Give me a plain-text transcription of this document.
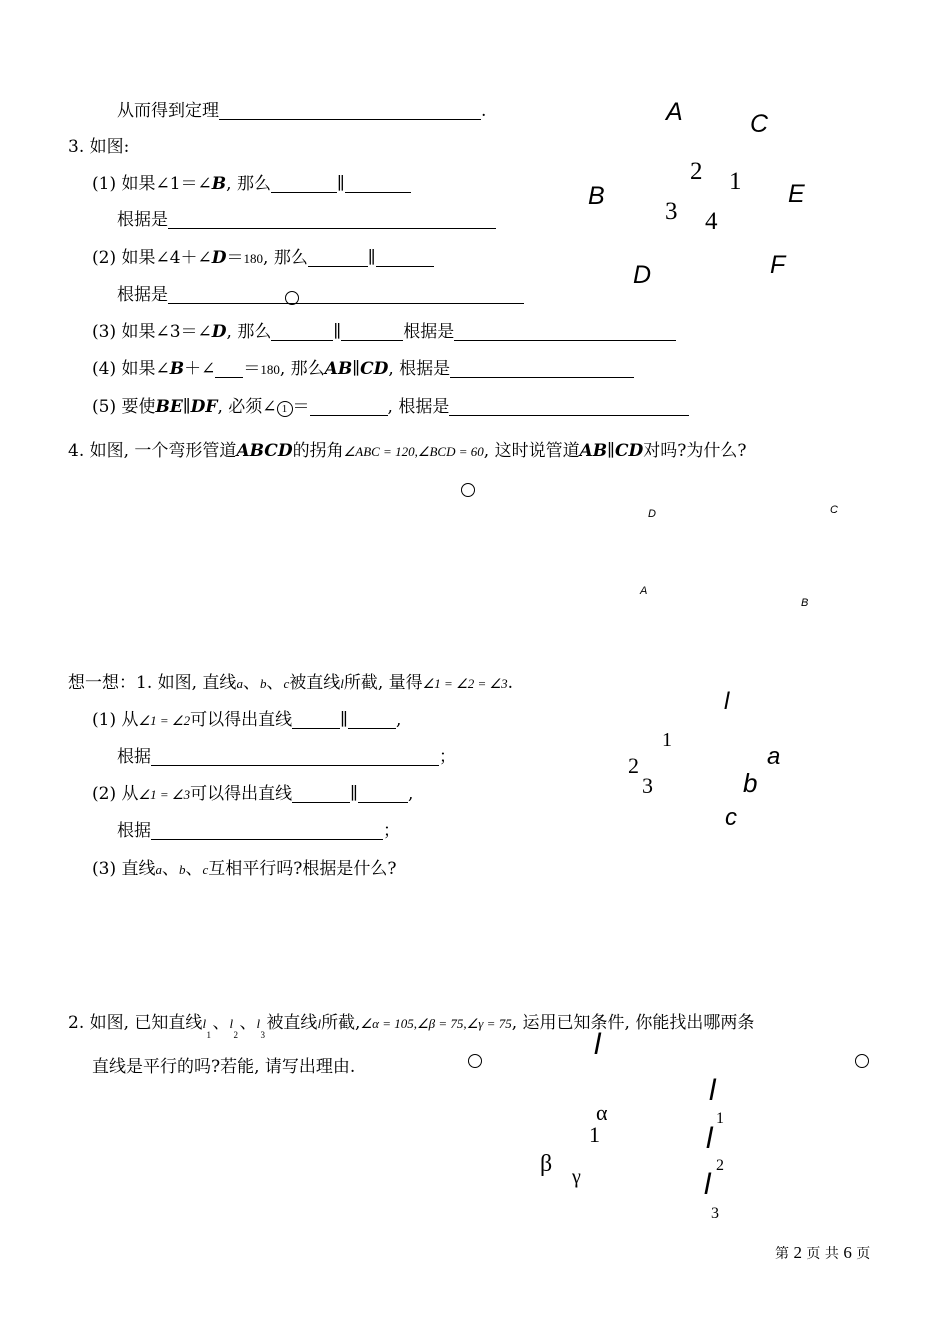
从而得到定理	.
3. 如图:
(1) 如果∠1＝∠B, 那么	∥
根据是
(2) 如果∠4＋∠D＝180, 那么	∥
根据是
(3) 如果∠3＝∠D, 那么	∥	根据是
(4) 如果∠B＋∠ ＝180, 那么AB∥CD, 根据是
(5) 要使BE∥DF, 必须∠ 1 ＝	, 根据是
A	C
2 1
B	E
3 4
D	F
4. 如图, 一个弯形管道ABCD的拐角∠ABC = 120,∠BCD = 60, 这时说管道AB∥CD对吗?为什么?
D	C
A
B
想一想：1. 如图, 直线a、b、c被直线l所截, 量得∠1 = ∠2 = ∠3.
(1) 从∠1 = ∠2可以得出直线	∥	,
根据	；
(2) 从∠1 = ∠3可以得出直线	∥	,
根据	；
(3) 直线a、b、c互相平行吗?根据是什么?
l
1
a
2
3	b
c
2. 如图, 已知直线l
1
、l
2
、l
3
被直线l所截,∠α = 105,∠β = 75,∠γ = 75, 运用已知条件, 你能找出哪两条
直线是平行的吗?若能, 请写出理由.
l
α
1
β γ
l
1
l
2
l
3
第 2 页 共 6 页
